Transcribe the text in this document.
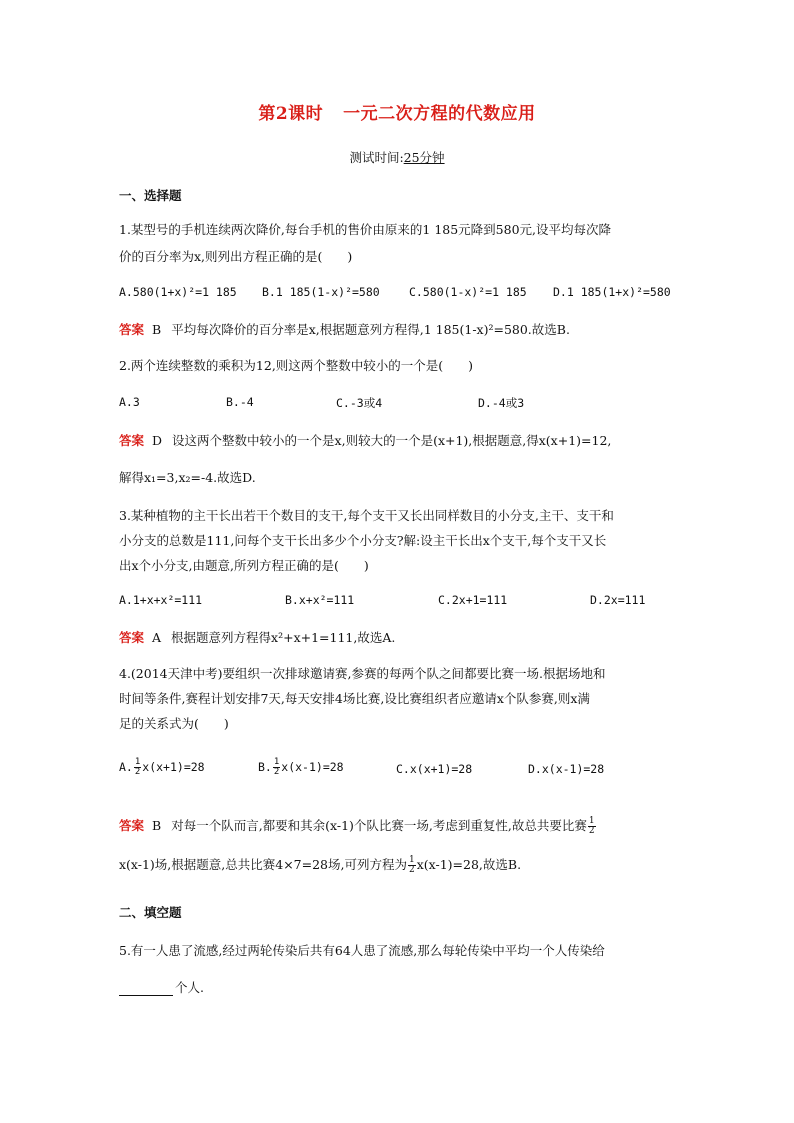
第2课时 一元二次方程的代数应用
测试时间:25分钟
一、选择题
1.某型号的手机连续两次降价,每台手机的售价由原来的1 185元降到580元,设平均每次降
价的百分率为x,则列出方程正确的是(　　)
A.580(1+x)²=1 185 B.1 185(1-x)²=580	C.580(1-x)²=1 185 D.1 185(1+x)²=580
答案 B 平均每次降价的百分率是x,根据题意列方程得,1 185(1-x)²=580.故选B.
2.两个连续整数的乘积为12,则这两个整数中较小的一个是(　　)
A.3	B.-4	C.-3或4	D.-4或3
答案 D 设这两个整数中较小的一个是x,则较大的一个是(x+1),根据题意,得x(x+1)=12,
解得x₁=3,x₂=-4.故选D.
3.某种植物的主干长出若干个数目的支干,每个支干又长出同样数目的小分支,主干、支干和
小分支的总数是111,问每个支干长出多少个小分支?解:设主干长出x个支干,每个支干又长
出x个小分支,由题意,所列方程正确的是(　　)
A.1+x+x²=111	B.x+x²=111	C.2x+1=111	D.2x=111
答案 A 根据题意列方程得x²+x+1=111,故选A.
4.(2014天津中考)要组织一次排球邀请赛,参赛的每两个队之间都要比赛一场.根据场地和
时间等条件,赛程计划安排7天,每天安排4场比赛,设比赛组织者应邀请x个队参赛,则x满
足的关系式为(　　)
A. $\frac{1}{2} x(x+1)=28$	B. $\frac{1}{2} x(x-1)=28$	C.x(x+1)=28	D.x(x-1)=28
答案 B 对每一个队而言,都要和其余(x-1)个队比赛一场,考虑到重复性,故总共要比赛 $\frac{1}{2}$
x(x-1)场,根据题意,总共比赛4×7=28场,可列方程为 $\frac{1}{2} x(x-1)=28$,故选B.
二、填空题
5.有一人患了流感,经过两轮传染后共有64人患了流感,那么每轮传染中平均一个人传染给
个人.
